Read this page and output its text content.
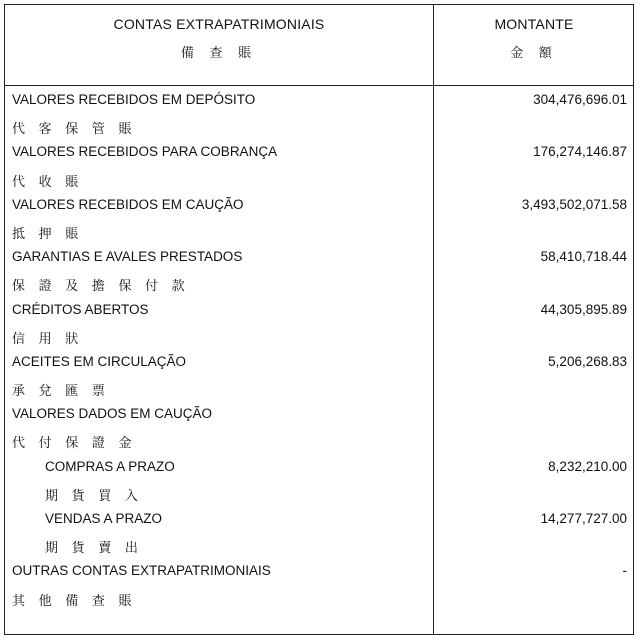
CONTAS EXTRAPATRIMONIAIS
備 查 賬
MONTANTE
金 額
VALORES RECEBIDOS EM DEPÓSITO	304,476,696.01
代 客 保 管 賬
VALORES RECEBIDOS PARA COBRANÇA	176,274,146.87
代 收 賬
VALORES RECEBIDOS EM CAUÇÃO	3,493,502,071.58
抵 押 賬
GARANTIAS E AVALES PRESTADOS	58,410,718.44
保 證 及 擔 保 付 款
CRÉDITOS ABERTOS	44,305,895.89
信 用 狀
ACEITES EM CIRCULAÇÃO	5,206,268.83
承 兌 匯 票
VALORES DADOS EM CAUÇÃO
代 付 保 證 金
COMPRAS A PRAZO	8,232,210.00
期 貨 買 入
VENDAS A PRAZO	14,277,727.00
期 貨 賣 出
OUTRAS CONTAS EXTRAPATRIMONIAIS	-
其 他 備 查 賬
